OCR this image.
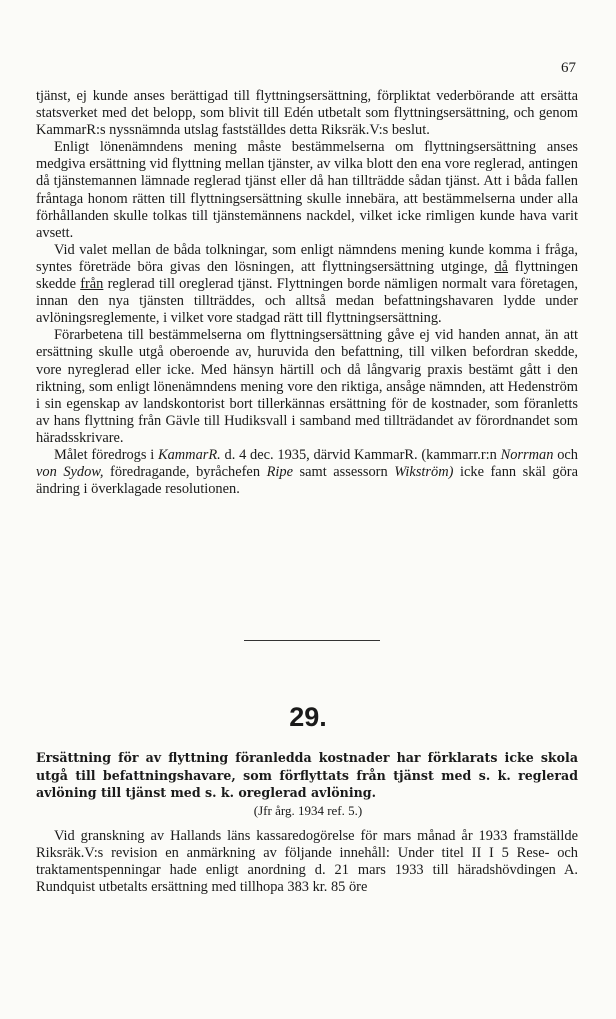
67

tjänst, ej kunde anses berättigad till flyttningsersättning, förpliktat vederbörande att ersätta statsverket med det belopp, som blivit till Edén utbetalt som flyttningsersättning, och genom KammarR:s nyssnämnda utslag fastställdes detta Riksräk.V:s beslut.

Enligt lönenämndens mening måste bestämmelserna om flyttningsersättning anses medgiva ersättning vid flyttning mellan tjänster, av vilka blott den ena vore reglerad, antingen då tjänstemannen lämnade reglerad tjänst eller då han tillträdde sådan tjänst. Att i båda fallen fråntaga honom rätten till flyttningsersättning skulle innebära, att bestämmelserna under alla förhållanden skulle tolkas till tjänstemännens nackdel, vilket icke rimligen kunde hava varit avsett.

Vid valet mellan de båda tolkningar, som enligt nämndens mening kunde komma i fråga, syntes företräde böra givas den lösningen, att flyttningsersättning utginge, då flyttningen skedde från reglerad till oreglerad tjänst. Flyttningen borde nämligen normalt vara företagen, innan den nya tjänsten tillträddes, och alltså medan befattningshavaren lydde under avlöningsreglemente, i vilket vore stadgad rätt till flyttningsersättning.

Förarbetena till bestämmelserna om flyttningsersättning gåve ej vid handen annat, än att ersättning skulle utgå oberoende av, huruvida den befattning, till vilken befordran skedde, vore nyreglerad eller icke. Med hänsyn härtill och då långvarig praxis bestämt gått i den riktning, som enligt lönenämndens mening vore den riktiga, ansåge nämnden, att Hedenström i sin egenskap av landskontorist bort tillerkännas ersättning för de kostnader, som föranletts av hans flyttning från Gävle till Hudiksvall i samband med tillträdandet av förordnandet som häradsskrivare.

Målet föredrogs i KammarR. d. 4 dec. 1935, därvid KammarR. (kammarr.r:n Norrman och von Sydow, föredragande, byråchefen Ripe samt assessorn Wikström) icke fann skäl göra ändring i överklagade resolutionen.

29.
Ersättning för av flyttning föranledda kostnader har förklarats icke skola utgå till befattningshavare, som förflyttats från tjänst med s. k. reglerad avlöning till tjänst med s. k. oreglerad avlöning.
(Jfr årg. 1934 ref. 5.)

Vid granskning av Hallands läns kassaredogörelse för mars månad år 1933 framställde Riksräk.V:s revision en anmärkning av följande innehåll: Under titel II I 5 Rese- och traktamentspenningar hade enligt anordning d. 21 mars 1933 till häradshövdingen A. Rundquist utbetalts ersättning med tillhopa 383 kr. 85 öre
